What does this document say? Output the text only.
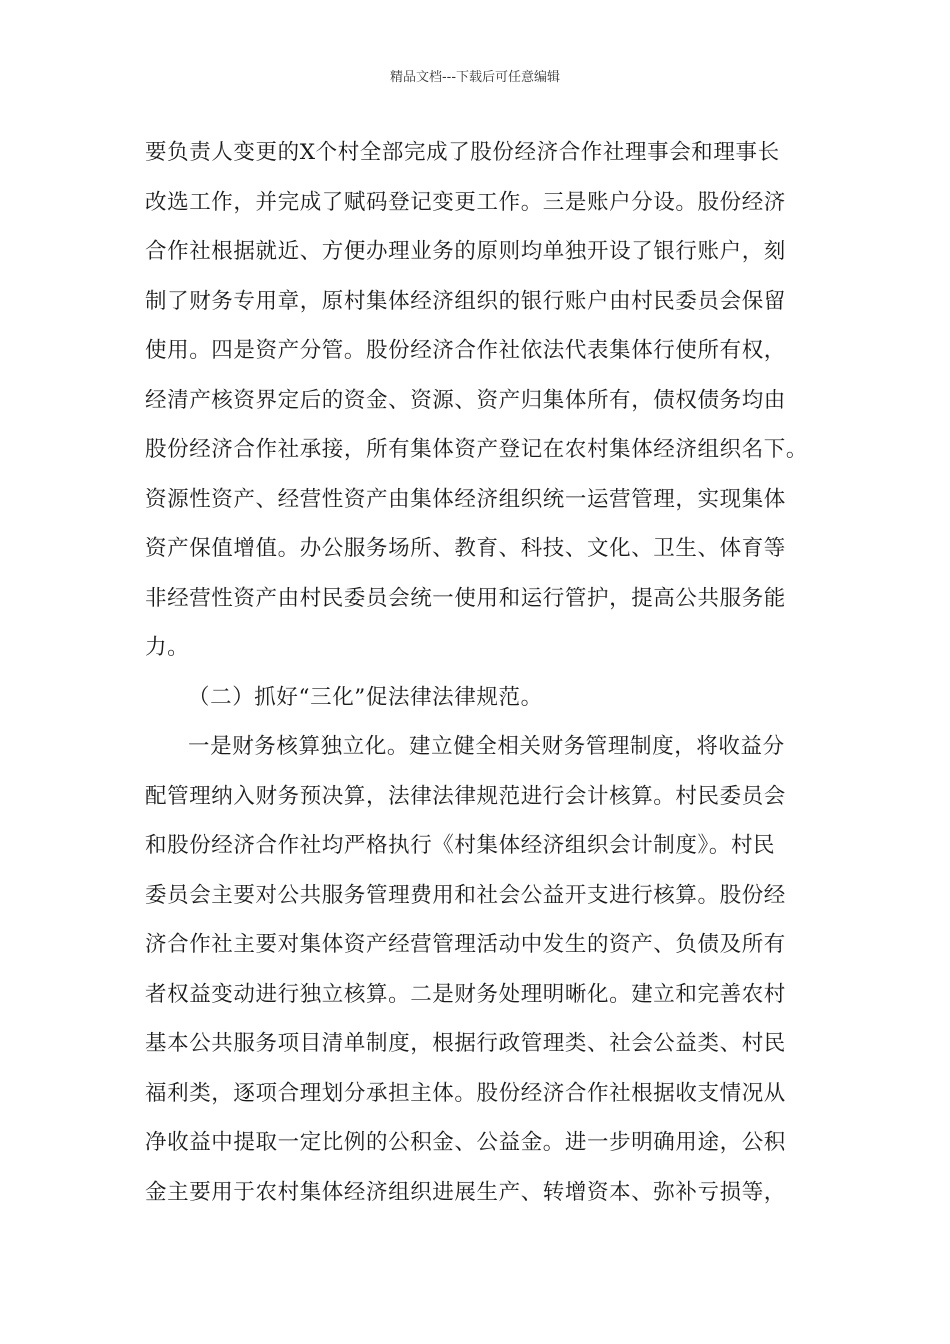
精品文档---下载后可任意编辑
要负责人变更的X个村全部完成了股份经济合作社理事会和理事长
改选工作，并完成了赋码登记变更工作。三是账户分设。股份经济
合作社根据就近、方便办理业务的原则均单独开设了银行账户，刻
制了财务专用章，原村集体经济组织的银行账户由村民委员会保留
使用。四是资产分管。股份经济合作社依法代表集体行使所有权，
经清产核资界定后的资金、资源、资产归集体所有，债权债务均由
股份经济合作社承接，所有集体资产登记在农村集体经济组织名下。
资源性资产、经营性资产由集体经济组织统一运营管理，实现集体
资产保值增值。办公服务场所、教育、科技、文化、卫生、体育等
非经营性资产由村民委员会统一使用和运行管护，提高公共服务能
力。
（二）抓好“三化”促法律法律规范。
一是财务核算独立化。建立健全相关财务管理制度，将收益分
配管理纳入财务预决算，法律法律规范进行会计核算。村民委员会
和股份经济合作社均严格执行《村集体经济组织会计制度》。村民
委员会主要对公共服务管理费用和社会公益开支进行核算。股份经
济合作社主要对集体资产经营管理活动中发生的资产、负债及所有
者权益变动进行独立核算。二是财务处理明晰化。建立和完善农村
基本公共服务项目清单制度，根据行政管理类、社会公益类、村民
福利类，逐项合理划分承担主体。股份经济合作社根据收支情况从
净收益中提取一定比例的公积金、公益金。进一步明确用途，公积
金主要用于农村集体经济组织进展生产、转增资本、弥补亏损等，
